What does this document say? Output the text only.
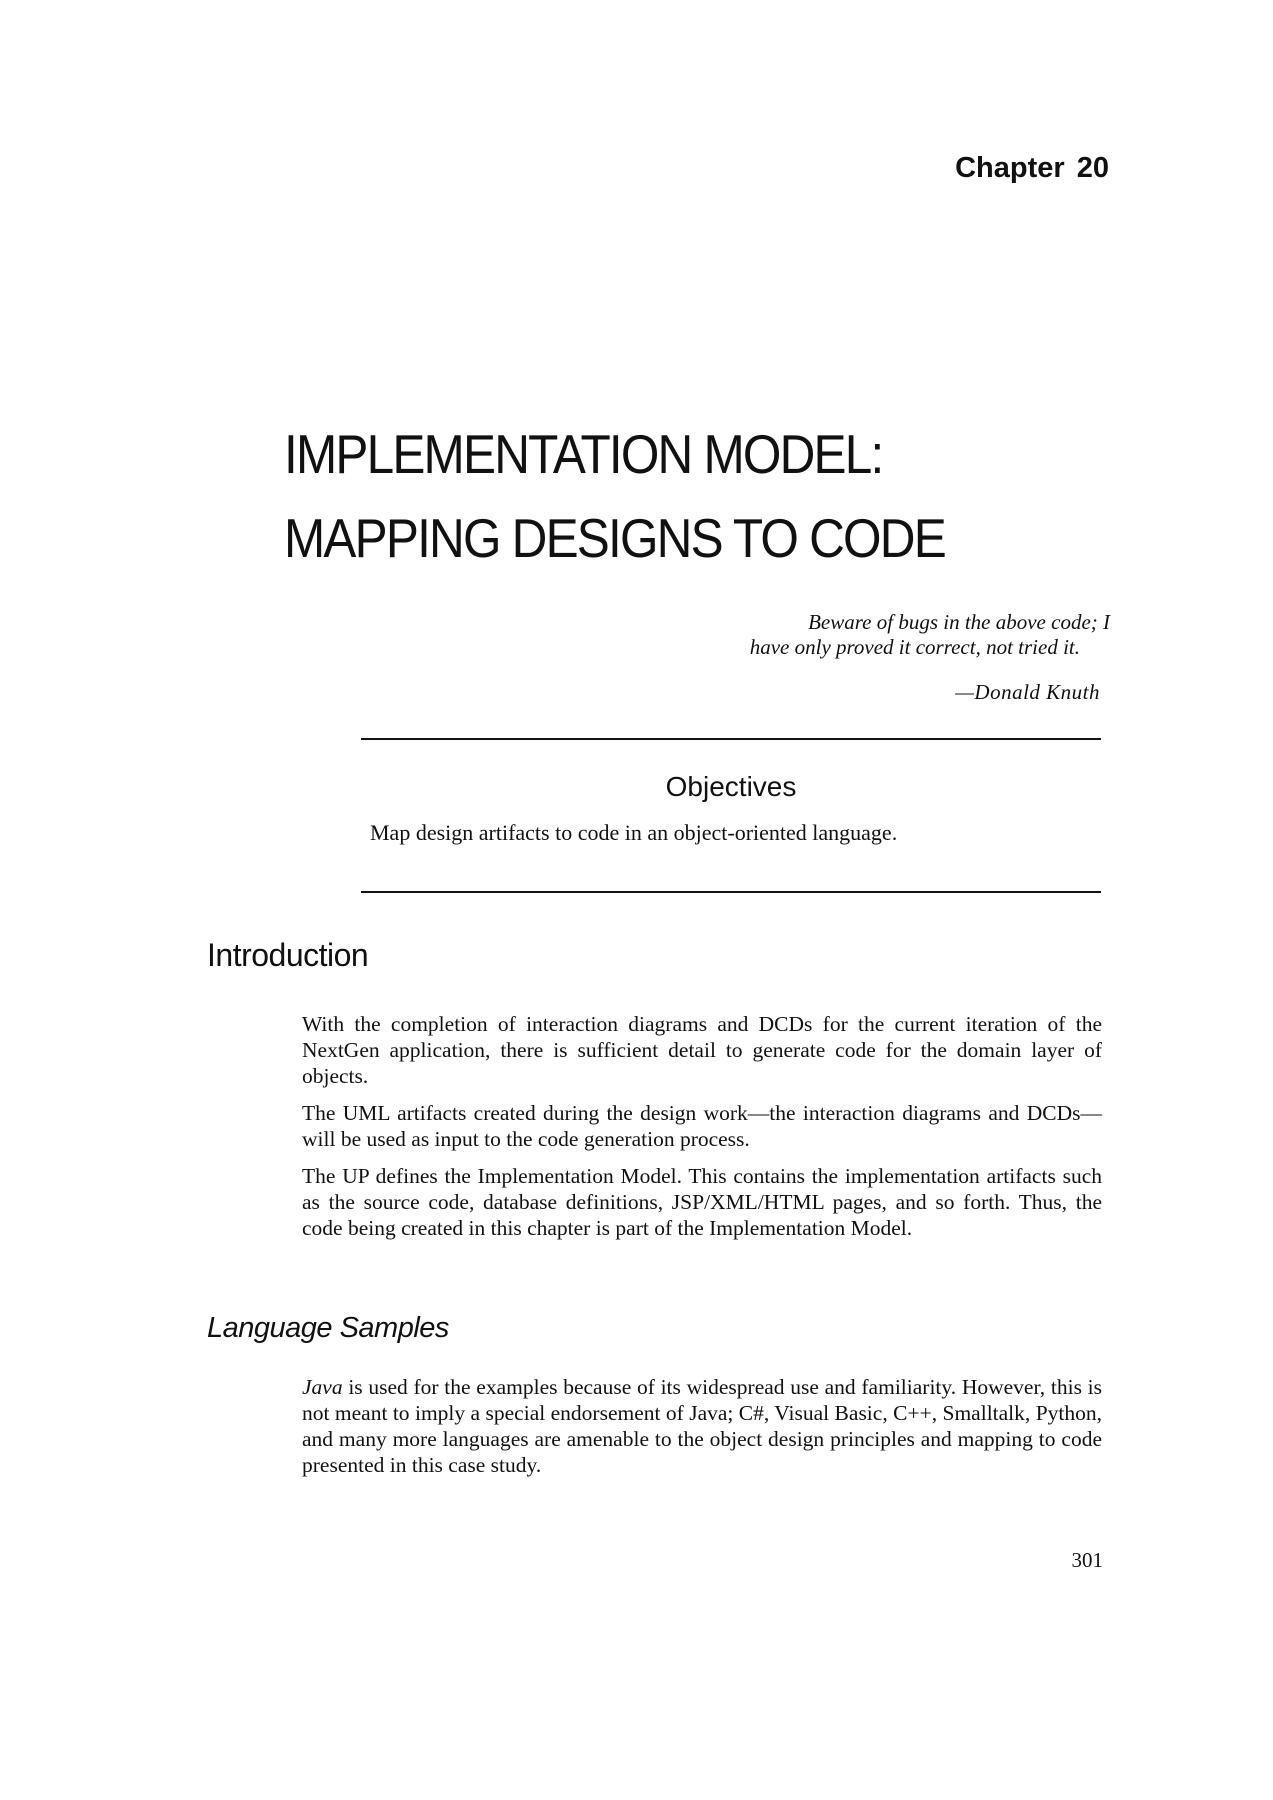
Chapter 20
IMPLEMENTATION MODEL:
MAPPING DESIGNS TO CODE
Beware of bugs in the above code; I
have only proved it correct, not tried it.
—Donald Knuth
Objectives
Map design artifacts to code in an object-oriented language.
Introduction

With the completion of interaction diagrams and DCDs for the current iteration of the NextGen application, there is sufficient detail to generate code for the domain layer of objects.

The UML artifacts created during the design work—the interaction diagrams and DCDs—will be used as input to the code generation process.

The UP defines the Implementation Model. This contains the implementation artifacts such as the source code, database definitions, JSP/XML/HTML pages, and so forth. Thus, the code being created in this chapter is part of the Implementation Model.

Language Samples

Java is used for the examples because of its widespread use and familiarity. However, this is not meant to imply a special endorsement of Java; C#, Visual Basic, C++, Smalltalk, Python, and many more languages are amenable to the object design principles and mapping to code presented in this case study.

301
